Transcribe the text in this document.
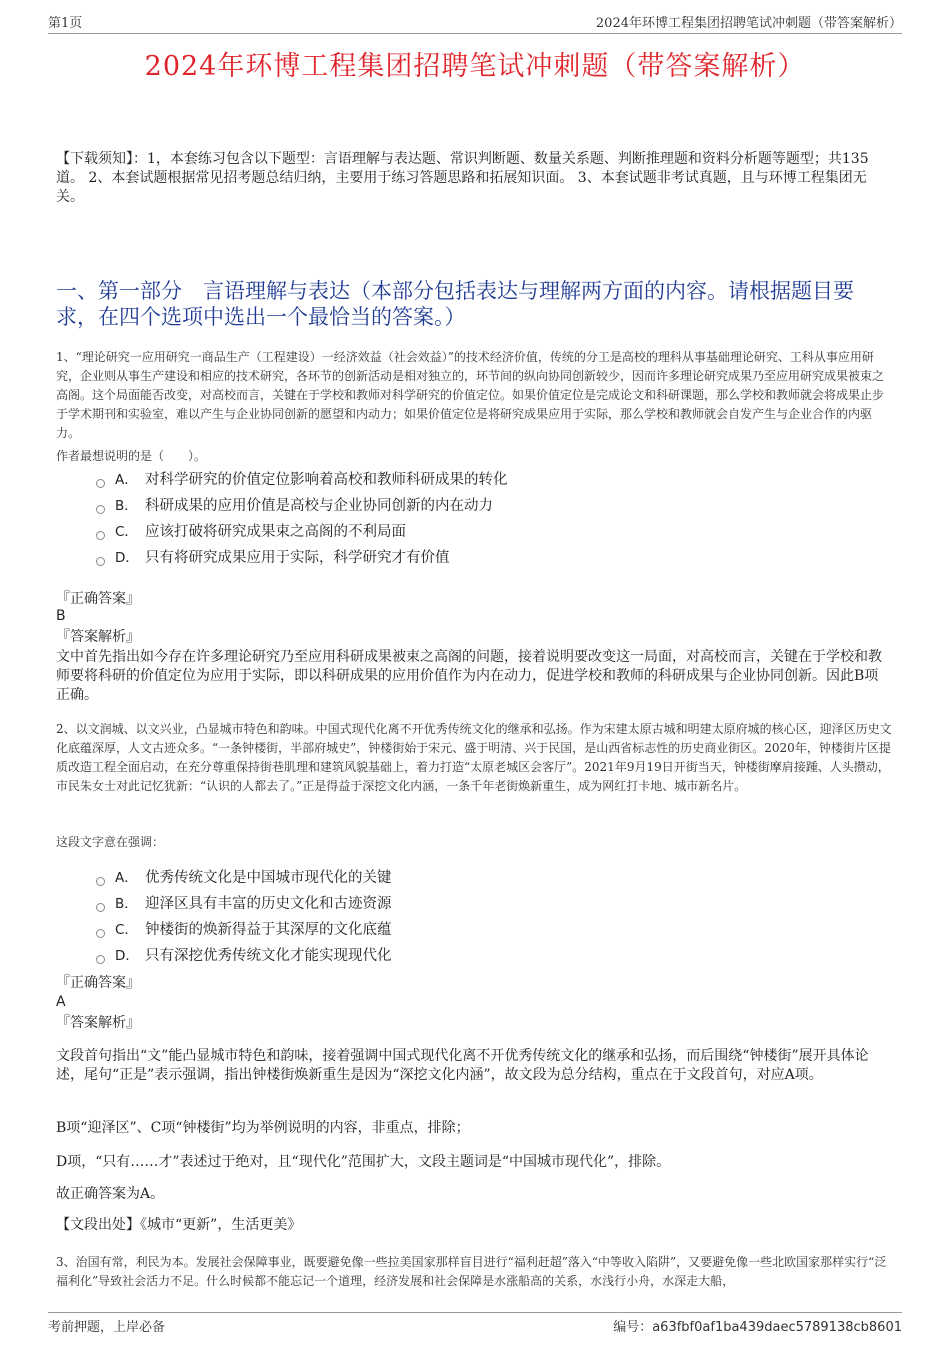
第1页	2024年环博工程集团招聘笔试冲刺题（带答案解析）
2024年环博工程集团招聘笔试冲刺题（带答案解析）
【下载须知】：1，本套练习包含以下题型：言语理解与表达题、常识判断题、数量关系题、判断推理题和资料分析题等题型；共135道。 2、本套试题根据常见招考题总结归纳，主要用于练习答题思路和拓展知识面。 3、本套试题非考试真题，且与环博工程集团无关。
一、第一部分　言语理解与表达（本部分包括表达与理解两方面的内容。请根据题目要求，在四个选项中选出一个最恰当的答案。）
1、“理论研究一应用研究一商品生产（工程建设）一经济效益（社会效益）”的技术经济价值，传统的分工是高校的理科从事基础理论研究、工科从事应用研究，企业则从事生产建设和相应的技术研究，各环节的创新活动是相对独立的，环节间的纵向协同创新较少，因而许多理论研究成果乃至应用研究成果被束之高阁。这个局面能否改变，对高校而言，关键在于学校和教师对科学研究的价值定位。如果价值定位是完成论文和科研课题，那么学校和教师就会将成果止步于学术期刊和实验室，难以产生与企业协同创新的愿望和内动力；如果价值定位是将研究成果应用于实际，那么学校和教师就会自发产生与企业合作的内驱力。
作者最想说明的是（　　）。
A． 对科学研究的价值定位影响着高校和教师科研成果的转化
B． 科研成果的应用价值是高校与企业协同创新的内在动力
C． 应该打破将研究成果束之高阁的不利局面
D． 只有将研究成果应用于实际，科学研究才有价值
『正确答案』
B
『答案解析』
文中首先指出如今存在许多理论研究乃至应用科研成果被束之高阁的问题，接着说明要改变这一局面，对高校而言，关键在于学校和教师要将科研的价值定位为应用于实际，即以科研成果的应用价值作为内在动力，促进学校和教师的科研成果与企业协同创新。因此B项正确。
2、以文润城、以文兴业，凸显城市特色和韵味。中国式现代化离不开优秀传统文化的继承和弘扬。作为宋建太原古城和明建太原府城的核心区，迎泽区历史文化底蕴深厚，人文古迹众多。“一条钟楼街，半部府城史”，钟楼街始于宋元、盛于明清、兴于民国，是山西省标志性的历史商业街区。2020年，钟楼街片区提质改造工程全面启动，在充分尊重保持街巷肌理和建筑风貌基础上，着力打造“太原老城区会客厅”。2021年9月19日开街当天，钟楼街摩肩接踵、人头攒动，市民朱女士对此记忆犹新：“认识的人都去了。”正是得益于深挖文化内涵，一条千年老街焕新重生，成为网红打卡地、城市新名片。
这段文字意在强调：
A． 优秀传统文化是中国城市现代化的关键
B． 迎泽区具有丰富的历史文化和古迹资源
C． 钟楼街的焕新得益于其深厚的文化底蕴
D． 只有深挖优秀传统文化才能实现现代化
『正确答案』
A
『答案解析』
文段首句指出“文”能凸显城市特色和韵味，接着强调中国式现代化离不开优秀传统文化的继承和弘扬，而后围绕“钟楼街”展开具体论述，尾句“正是”表示强调，指出钟楼街焕新重生是因为“深挖文化内涵”，故文段为总分结构，重点在于文段首句，对应A项。
B项“迎泽区”、C项“钟楼街”均为举例说明的内容，非重点，排除；
D项，“只有……才”表述过于绝对，且“现代化”范围扩大，文段主题词是“中国城市现代化”，排除。
故正确答案为A。
【文段出处】《城市“更新”，生活更美》
3、治国有常，利民为本。发展社会保障事业，既要避免像一些拉美国家那样盲目进行“福利赶超”落入“中等收入陷阱”，又要避免像一些北欧国家那样实行“泛福利化”导致社会活力不足。什么时候都不能忘记一个道理，经济发展和社会保障是水涨船高的关系，水浅行小舟，水深走大船，
考前押题，上岸必备	编号：a63fbf0af1ba439daec5789138cb8601
